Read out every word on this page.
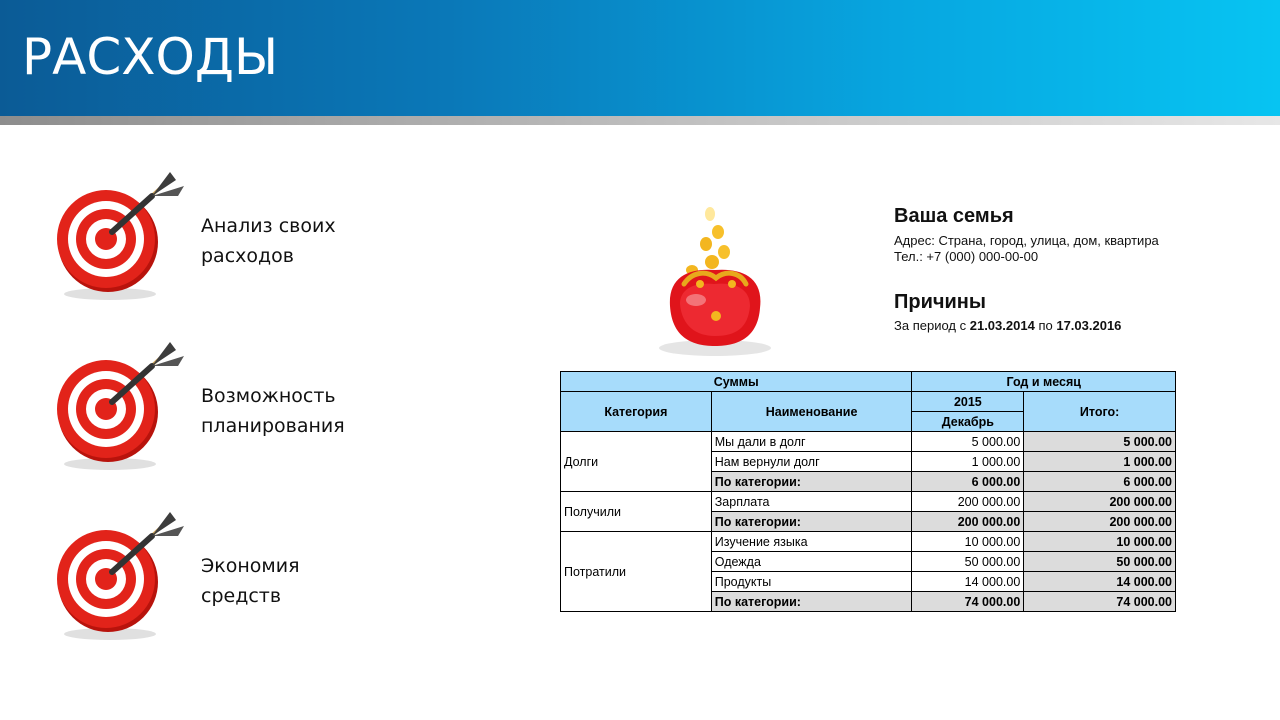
РАСХОДЫ
Анализ своих
расходов
Возможность
планирования
Экономия
средств
Ваша семья
Адрес: Страна, город, улица, дом, квартира
Тел.: +7 (000) 000-00-00
Причины
За период с 21.03.2014 по 17.03.2016
Суммы		Год и месяц	
Категория	Наименование	2015	Итого:
		Декабрь	
Долги	Мы дали в долг	5 000.00	5 000.00
	Нам вернули долг	1 000.00	1 000.00
	По категории:	6 000.00	6 000.00
Получили	Зарплата	200 000.00	200 000.00
	По категории:	200 000.00	200 000.00
Потратили	Изучение языка	10 000.00	10 000.00
	Одежда	50 000.00	50 000.00
	Продукты	14 000.00	14 000.00
	По категории:	74 000.00	74 000.00
